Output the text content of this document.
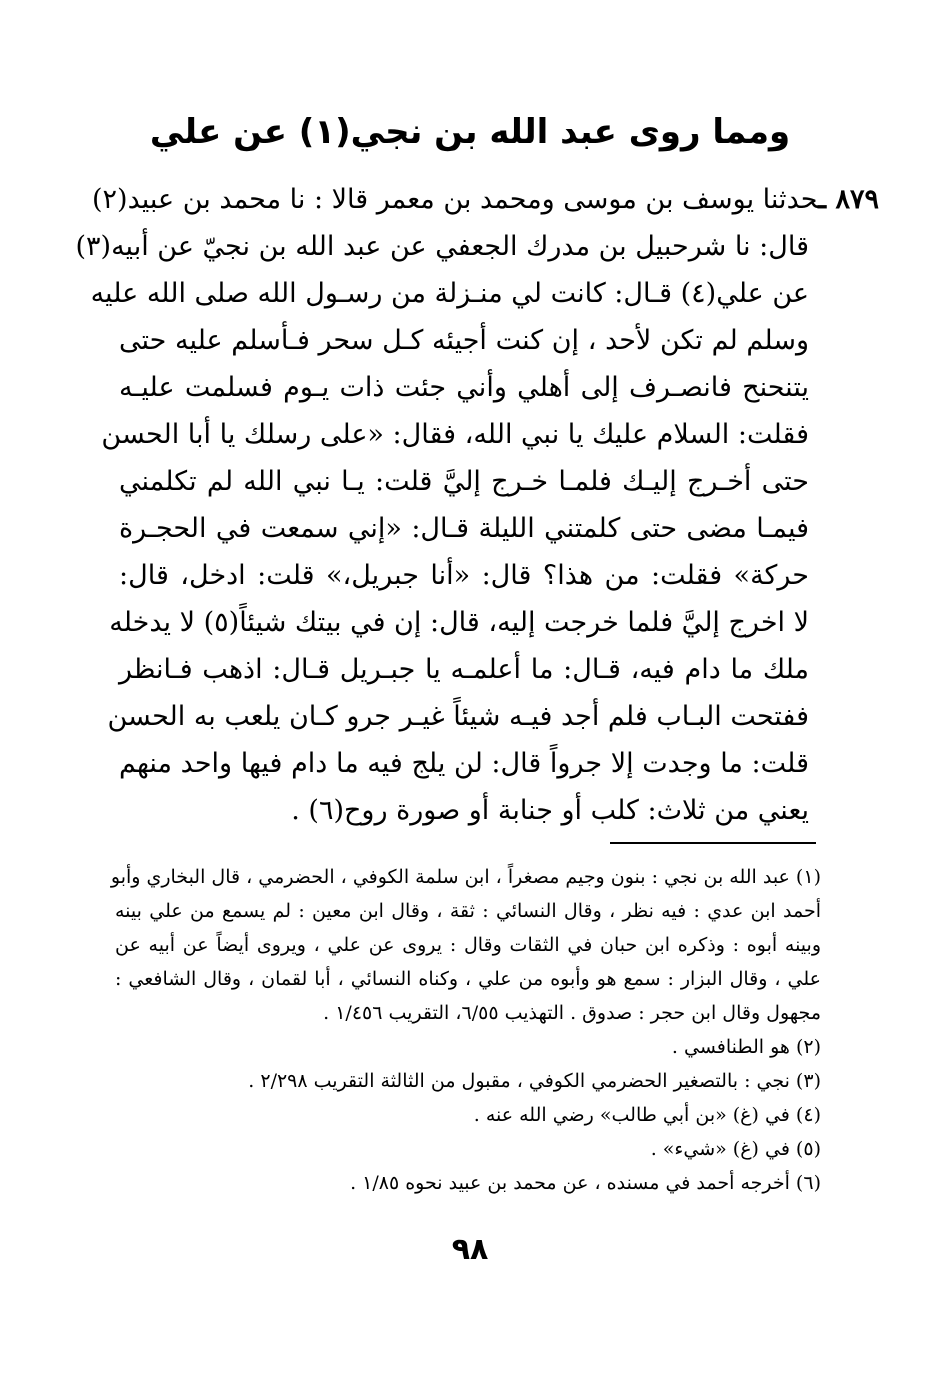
ومما روى عبد الله بن نجي(١) عن علي
٨٧٩ ـحدثنا يوسف بن موسى ومحمد بن معمر قالا : نا محمد بن عبيد(٢)
قال: نا شرحبيل بن مدرك الجعفي عن عبد الله بن نجيّ عن أبيه(٣)
عن علي(٤) قـال: كانت لي منـزلة من رسـول الله صلى الله عليه
وسلم لم تكن لأحد ، إن كنت أجيئه كـل سحر فـأسلم عليه حتى
يتنحنح فانصـرف إلى أهلي وأني جئت ذات يـوم فسلمت عليـه
فقلت: السلام عليك يا نبي الله، فقال: «على رسلك يا أبا الحسن
حتى أخـرج إليـك فلمـا خـرج إليَّ قلت: يـا نبي الله لم تكلمني
فيمـا مضى حتى كلمتني الليلة قـال: «إني سمعت في الحجـرة
حركة» فقلت: من هذا؟ قال: «أنا جبريل،» قلت: ادخل، قال:
لا اخرج إليَّ فلما خرجت إليه، قال: إن في بيتك شيئاً(٥) لا يدخله
ملك ما دام فيه، قـال: ما أعلمـه يا جبـريل قـال: اذهب فـانظر
ففتحت البـاب فلم أجد فيـه شيئاً غيـر جرو كـان يلعب به الحسن
قلت: ما وجدت إلا جرواً قال: لن يلج فيه ما دام فيها واحد منهم
يعني من ثلاث: كلب أو جنابة أو صورة روح(٦) .
(١) عبد الله بن نجي : بنون وجيم مصغراً ، ابن سلمة الكوفي ، الحضرمي ، قال البخاري وأبو
أحمد ابن عدي : فيه نظر ، وقال النسائي : ثقة ، وقال ابن معين : لم يسمع من علي بينه
وبينه أبوه : وذكره ابن حبان في الثقات وقال : يروى عن علي ، ويروى أيضاً عن أبيه عن
علي ، وقال البزار : سمع هو وأبوه من علي ، وكناه النسائي ، أبا لقمان ، وقال الشافعي :
مجهول وقال ابن حجر : صدوق . التهذيب ٦/٥٥، التقريب ١/٤٥٦ .
(٢) هو الطنافسي .
(٣) نجي : بالتصغير الحضرمي الكوفي ، مقبول من الثالثة التقريب ٢/٢٩٨ .
(٤) في (غ) «بن أبي طالب» رضي الله عنه .
(٥) في (غ) «شيء» .
(٦) أخرجه أحمد في مسنده ، عن محمد بن عبيد نحوه ١/٨٥ .
٩٨
